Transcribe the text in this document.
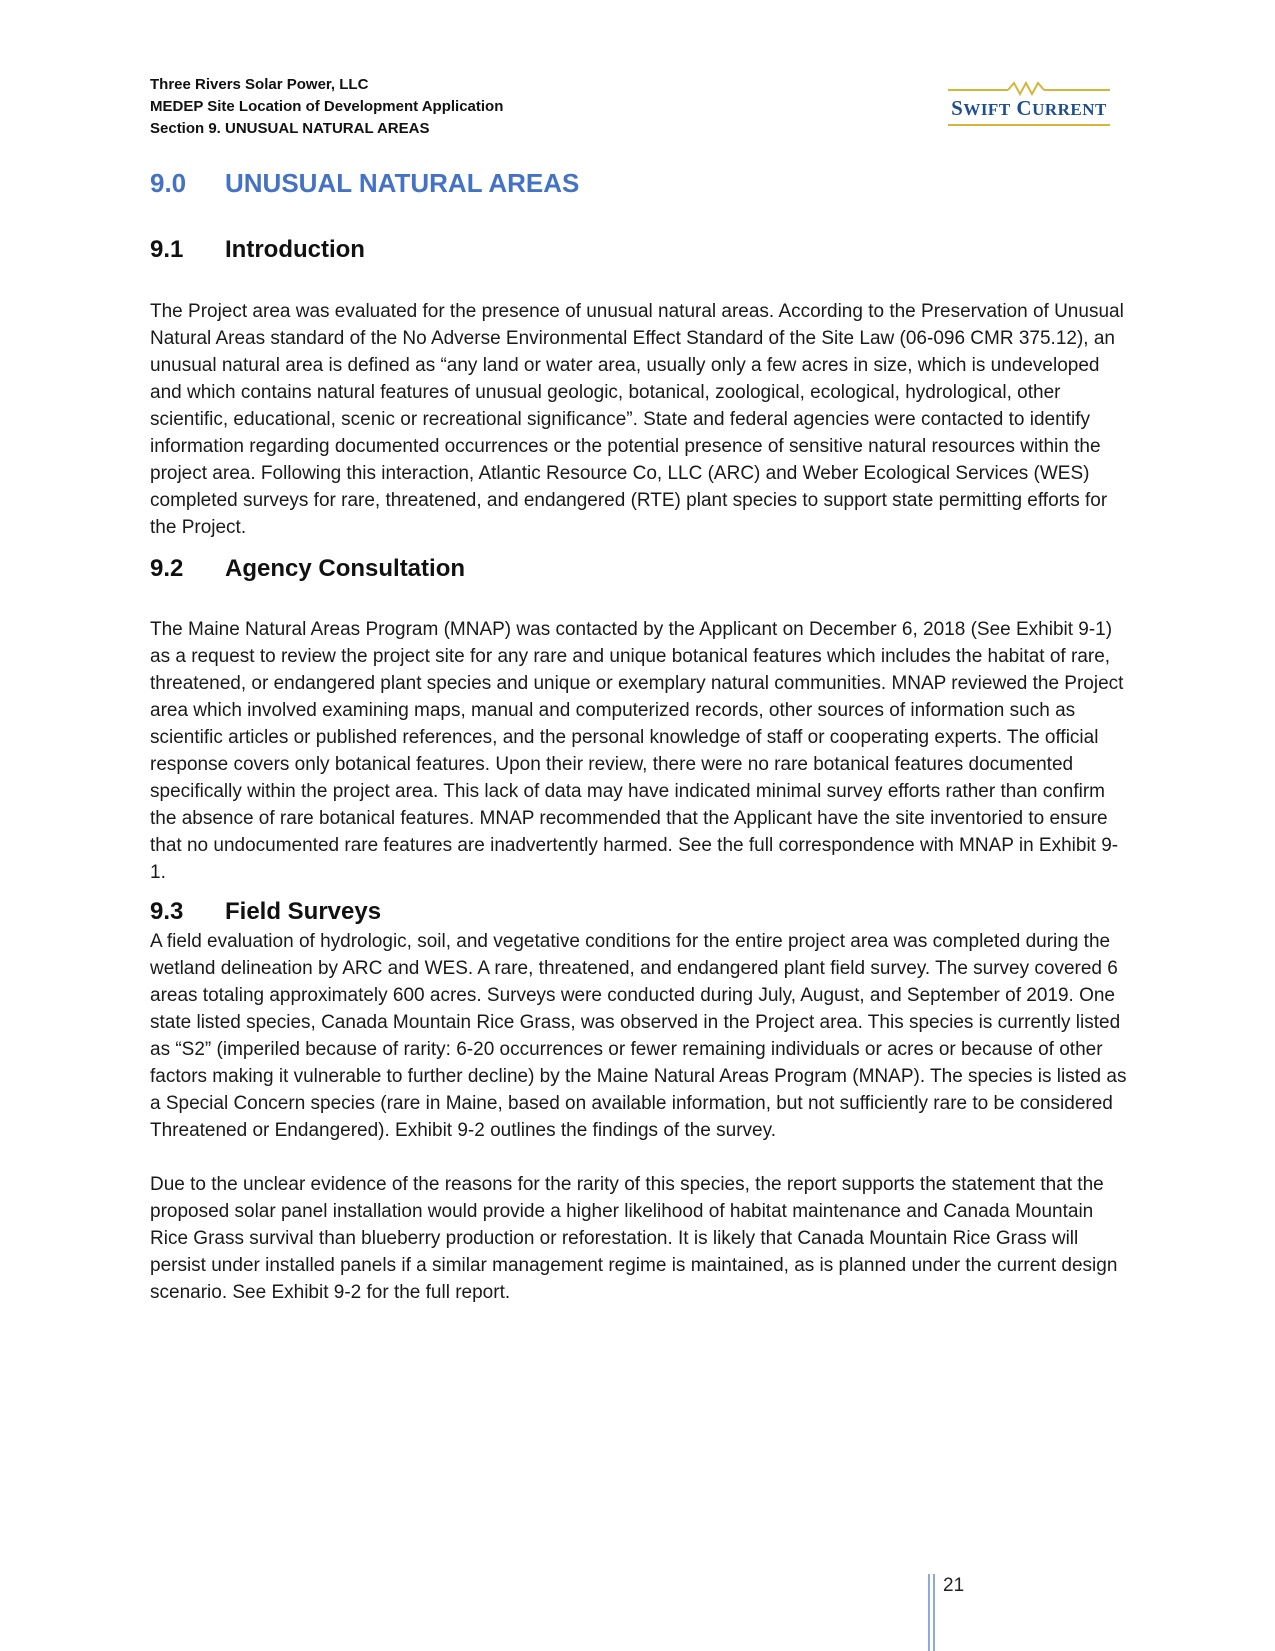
Three Rivers Solar Power, LLC
MEDEP Site Location of Development Application
Section 9. UNUSUAL NATURAL AREAS
SWIFT CURRENT
9.0 UNUSUAL NATURAL AREAS
9.1 Introduction

The Project area was evaluated for the presence of unusual natural areas. According to the Preservation of Unusual Natural Areas standard of the No Adverse Environmental Effect Standard of the Site Law (06-096 CMR 375.12), an unusual natural area is defined as “any land or water area, usually only a few acres in size, which is undeveloped and which contains natural features of unusual geologic, botanical, zoological, ecological, hydrological, other scientific, educational, scenic or recreational significance”. State and federal agencies were contacted to identify information regarding documented occurrences or the potential presence of sensitive natural resources within the project area. Following this interaction, Atlantic Resource Co, LLC (ARC) and Weber Ecological Services (WES) completed surveys for rare, threatened, and endangered (RTE) plant species to support state permitting efforts for the Project.

9.2 Agency Consultation

The Maine Natural Areas Program (MNAP) was contacted by the Applicant on December 6, 2018 (See Exhibit 9-1) as a request to review the project site for any rare and unique botanical features which includes the habitat of rare, threatened, or endangered plant species and unique or exemplary natural communities. MNAP reviewed the Project area which involved examining maps, manual and computerized records, other sources of information such as scientific articles or published references, and the personal knowledge of staff or cooperating experts. The official response covers only botanical features. Upon their review, there were no rare botanical features documented specifically within the project area. This lack of data may have indicated minimal survey efforts rather than confirm the absence of rare botanical features. MNAP recommended that the Applicant have the site inventoried to ensure that no undocumented rare features are inadvertently harmed. See the full correspondence with MNAP in Exhibit 9-1.

9.3 Field Surveys

A field evaluation of hydrologic, soil, and vegetative conditions for the entire project area was completed during the wetland delineation by ARC and WES. A rare, threatened, and endangered plant field survey. The survey covered 6 areas totaling approximately 600 acres. Surveys were conducted during July, August, and September of 2019. One state listed species, Canada Mountain Rice Grass, was observed in the Project area. This species is currently listed as “S2” (imperiled because of rarity: 6-20 occurrences or fewer remaining individuals or acres or because of other factors making it vulnerable to further decline) by the Maine Natural Areas Program (MNAP). The species is listed as a Special Concern species (rare in Maine, based on available information, but not sufficiently rare to be considered Threatened or Endangered). Exhibit 9-2 outlines the findings of the survey.

Due to the unclear evidence of the reasons for the rarity of this species, the report supports the statement that the proposed solar panel installation would provide a higher likelihood of habitat maintenance and Canada Mountain Rice Grass survival than blueberry production or reforestation. It is likely that Canada Mountain Rice Grass will persist under installed panels if a similar management regime is maintained, as is planned under the current design scenario. See Exhibit 9-2 for the full report.

21
